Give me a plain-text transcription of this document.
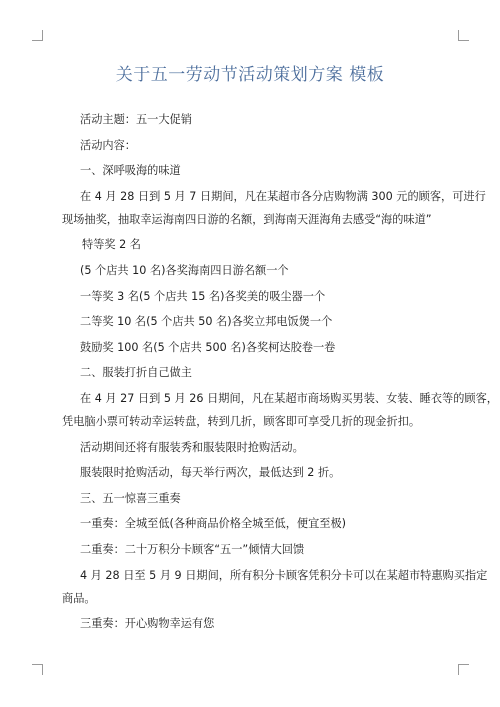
关于五一劳动节活动策划方案 模板
活动主题：五一大促销
活动内容：
一、深呼吸海的味道
在 4 月 28 日到 5 月 7 日期间，凡在某超市各分店购物满 300 元的顾客，可进行
现场抽奖，抽取幸运海南四日游的名额，到海南天涯海角去感受“海的味道”
特等奖 2 名
(5 个店共 10 名)各奖海南四日游名额一个
一等奖 3 名(5 个店共 15 名)各奖美的吸尘器一个
二等奖 10 名(5 个店共 50 名)各奖立邦电饭煲一个
鼓励奖 100 名(5 个店共 500 名)各奖柯达胶卷一卷
二、服装打折自己做主
在 4 月 27 日到 5 月 26 日期间，凡在某超市商场购买男装、女装、睡衣等的顾客，
凭电脑小票可转动幸运转盘，转到几折，顾客即可享受几折的现金折扣。
活动期间还将有服装秀和服装限时抢购活动。
服装限时抢购活动，每天举行两次，最低达到 2 折。
三、五一惊喜三重奏
一重奏：全城至低(各种商品价格全城至低，便宜至极)
二重奏：二十万积分卡顾客“五一”倾情大回馈
4 月 28 日至 5 月 9 日期间，所有积分卡顾客凭积分卡可以在某超市特惠购买指定
商品。
三重奏：开心购物幸运有您
